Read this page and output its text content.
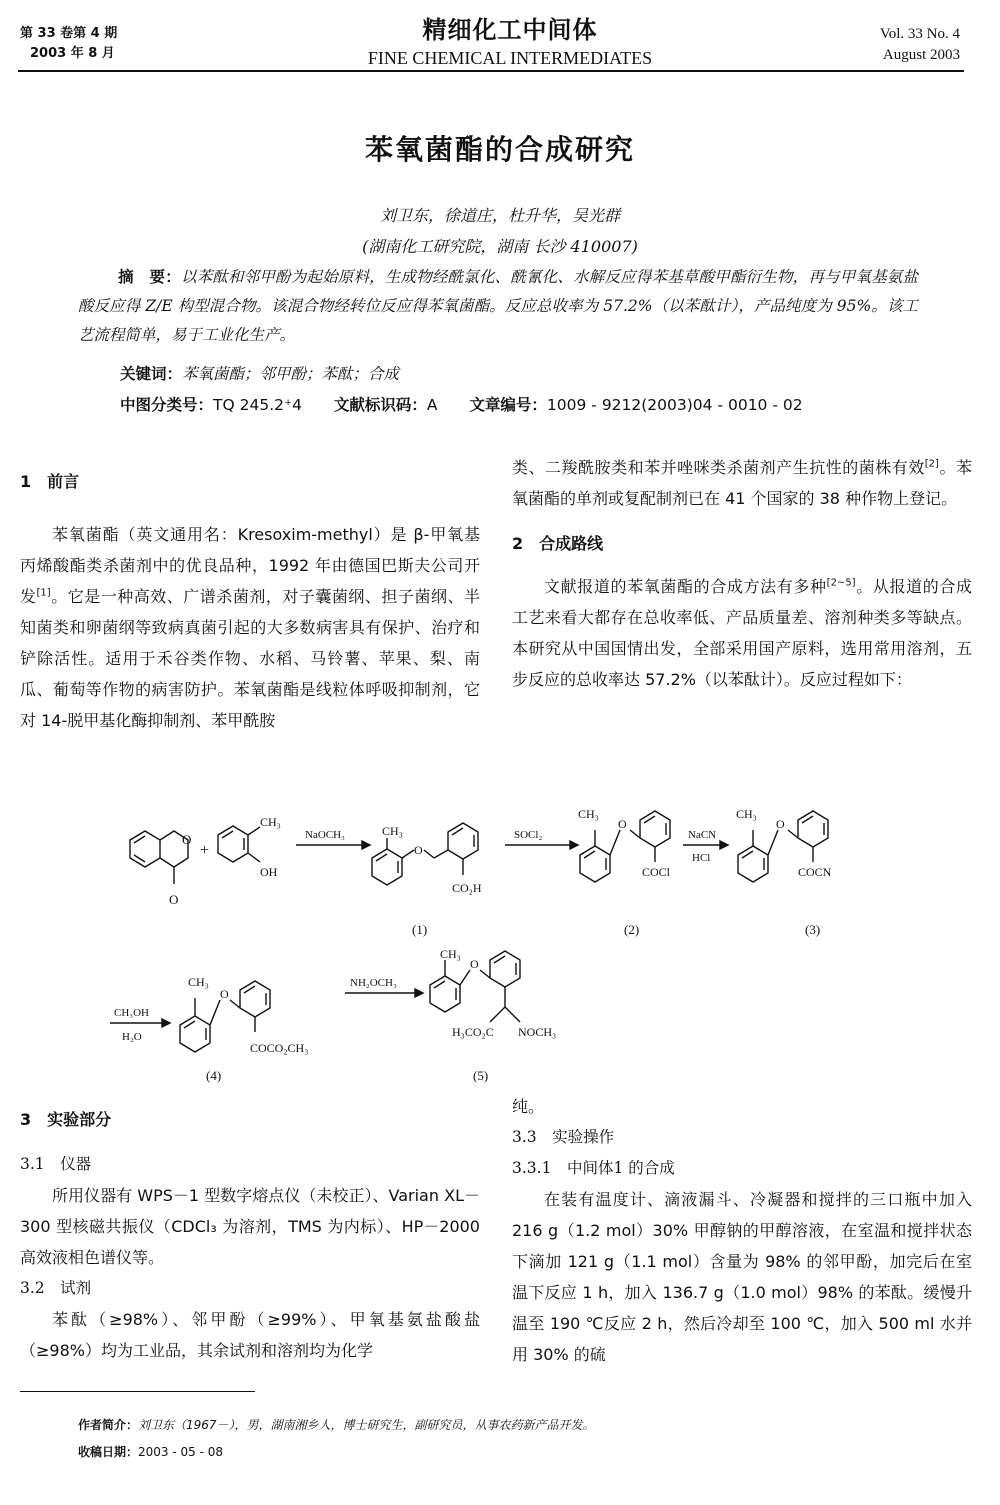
第 33 卷第 4 期
2003 年 8 月
精细化工中间体
FINE CHEMICAL INTERMEDIATES
Vol. 33 No. 4
August 2003
苯氧菌酯的合成研究
刘卫东，徐道庄，杜升华，吴光群
(湖南化工研究院，湖南 长沙 410007)
摘　要：以苯酞和邻甲酚为起始原料，生成物经酰氯化、酰氰化、水解反应得苯基草酸甲酯衍生物，再与甲氧基氨盐酸反应得 Z/E 构型混合物。该混合物经转位反应得苯氧菌酯。反应总收率为 57.2%（以苯酞计），产品纯度为 95%。该工艺流程简单，易于工业化生产。
关键词：苯氧菌酯；邻甲酚；苯酞；合成
中图分类号：TQ 245.2⁺4 文献标识码：A 文章编号：1009 - 9212(2003)04 - 0010 - 02
1　前言

苯氧菌酯（英文通用名：Kresoxim-methyl）是 β-甲氧基丙烯酸酯类杀菌剂中的优良品种，1992 年由德国巴斯夫公司开发[1]。它是一种高效、广谱杀菌剂，对子囊菌纲、担子菌纲、半知菌类和卵菌纲等致病真菌引起的大多数病害具有保护、治疗和铲除活性。适用于禾谷类作物、水稻、马铃薯、苹果、梨、南瓜、葡萄等作物的病害防护。苯氧菌酯是线粒体呼吸抑制剂，它对 14-脱甲基化酶抑制剂、苯甲酰胺

类、二羧酰胺类和苯并唑咪类杀菌剂产生抗性的菌株有效[2]。苯氧菌酯的单剂或复配制剂已在 41 个国家的 38 种作物上登记。

2　合成路线

文献报道的苯氧菌酯的合成方法有多种[2~5]。从报道的合成工艺来看大都存在总收率低、产品质量差、溶剂种类多等缺点。本研究从中国国情出发，全部采用国产原料，选用常用溶剂，五步反应的总收率达 57.2%（以苯酞计）。反应过程如下：

O
O
+
CH₃
OH
NaOCH₃	CH₃
O
CO₂H
SOCl₂
CH₃
O
COCl
NaCN
HCl
CH₃
O
COCN
(1)	(2)	(3)
CH₃OH
H₂O
CH₃
O
COCO₂CH₃
NH₂OCH₃
CH₃
O
H₃CO₂C NOCH₃
(4)	(5)
3　实验部分
3.1　仪器

所用仪器有 WPS－1 型数字熔点仪（未校正）、Varian XL－300 型核磁共振仪（CDCl₃ 为溶剂，TMS 为内标）、HP－2000 高效液相色谱仪等。

3.2　试剂

苯酞（≥98%）、邻甲酚（≥99%）、甲氧基氨盐酸盐（≥98%）均为工业品，其余试剂和溶剂均为化学

纯。
3.3　实验操作
3.3.1　中间体1 的合成

在装有温度计、滴液漏斗、冷凝器和搅拌的三口瓶中加入 216 g（1.2 mol）30% 甲醇钠的甲醇溶液，在室温和搅拌状态下滴加 121 g（1.1 mol）含量为 98% 的邻甲酚，加完后在室温下反应 1 h，加入 136.7 g（1.0 mol）98% 的苯酞。缓慢升温至 190 ℃反应 2 h，然后冷却至 100 ℃，加入 500 ml 水并用 30% 的硫

作者简介：刘卫东（1967－），男，湖南湘乡人，博士研究生，副研究员，从事农药新产品开发。
收稿日期：2003 - 05 - 08
